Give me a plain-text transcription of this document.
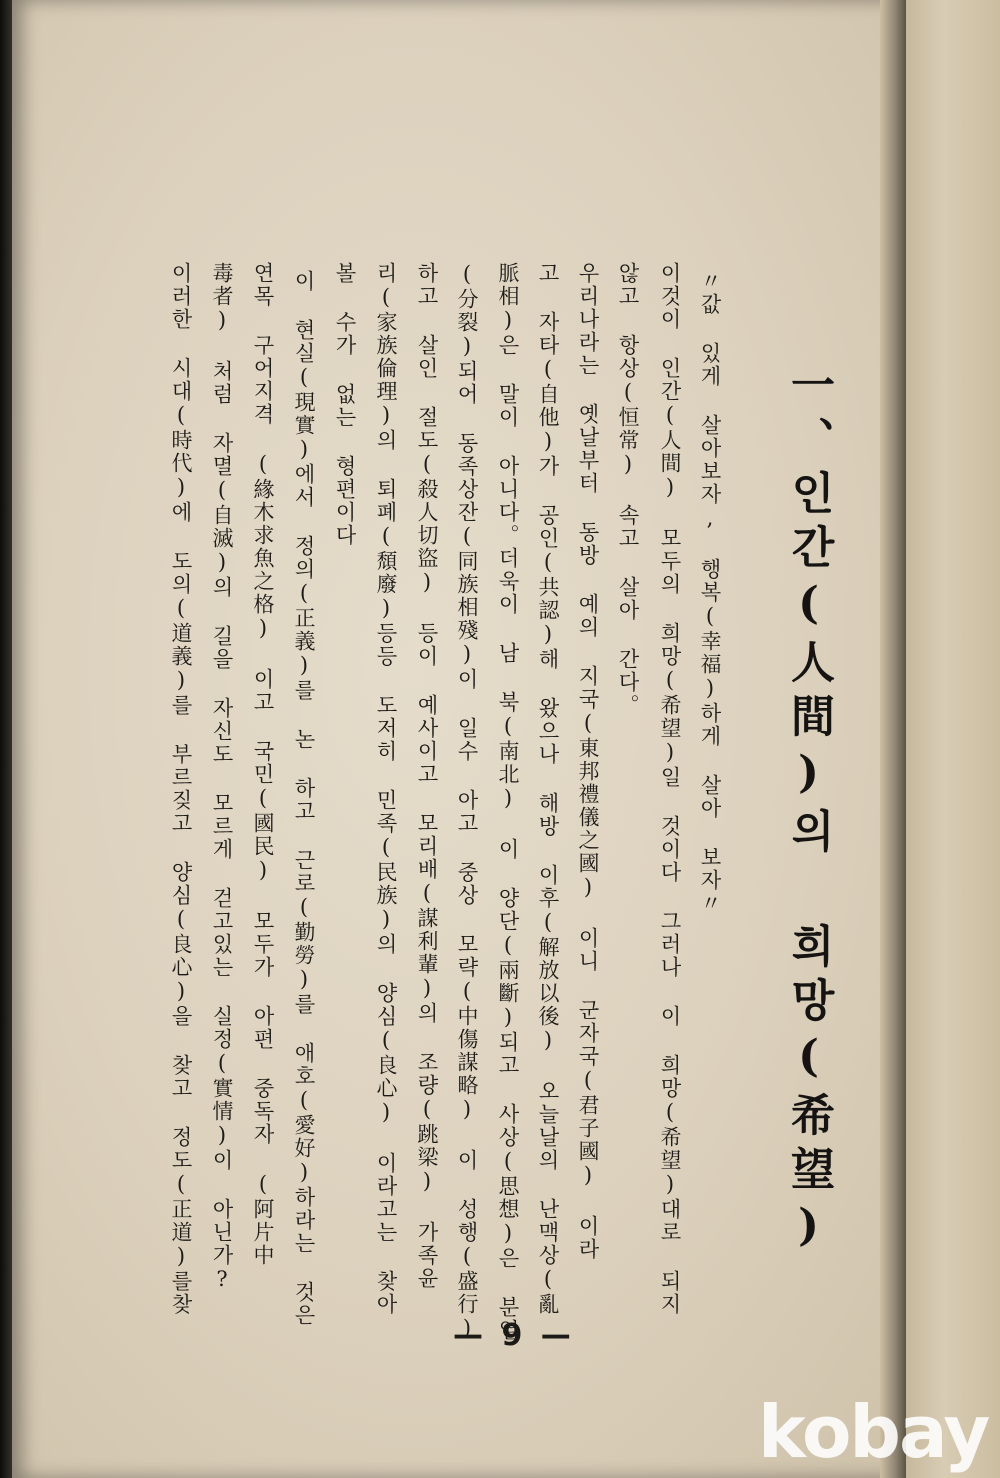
一、인간(人間)의 희망(希望)
〃값 있게 살아보자, 행복(幸福)하게 살아 보자〃
이것이 인간(人間) 모두의 희망(希望)일 것이다 그러나 이 희망(希望)대로 되지
않고 항상(恒常) 속고 살아 간다。
우리나라는 옛날부터 동방 예의 지국(東邦禮儀之國) 이니 군자국(君子國) 이라
고 자타(自他)가 공인(共認)해 왔으나 해방 이후(解放以後) 오늘날의 난맥상(亂
脈相)은 말이 아니다。더욱이 남 북(南北) 이 양단(兩斷)되고 사상(思想)은 분열
(分裂)되어 동족상잔(同族相殘)이 일수 아고 중상 모략(中傷謀略) 이 성행(盛行)
하고 살인 절도(殺人切盜) 등이 예사이고 모리배(謀利輩)의 조량(跳梁) 가족윤
리(家族倫理)의 퇴폐(頹廢)등등 도저히 민족(民族)의 양심(良心) 이라고는 찾아
볼 수가 없는 형편이다
이 현실(現實)에서 정의(正義)를 논 하고 근로(勤勞)를 애호(愛好)하라는 것은
연목 구어지격 (緣木求魚之格) 이고 국민(國民) 모두가 아편 중독자 (阿片中
毒者) 처럼 자멸(自滅)의 길을 자신도 모르게 걷고있는 실정(實情)이 아닌가?
이러한 시대(時代)에 도의(道義)를 부르짖고 양심(良心)을 찾고 정도(正道)를찾
— 9 —
kobay
